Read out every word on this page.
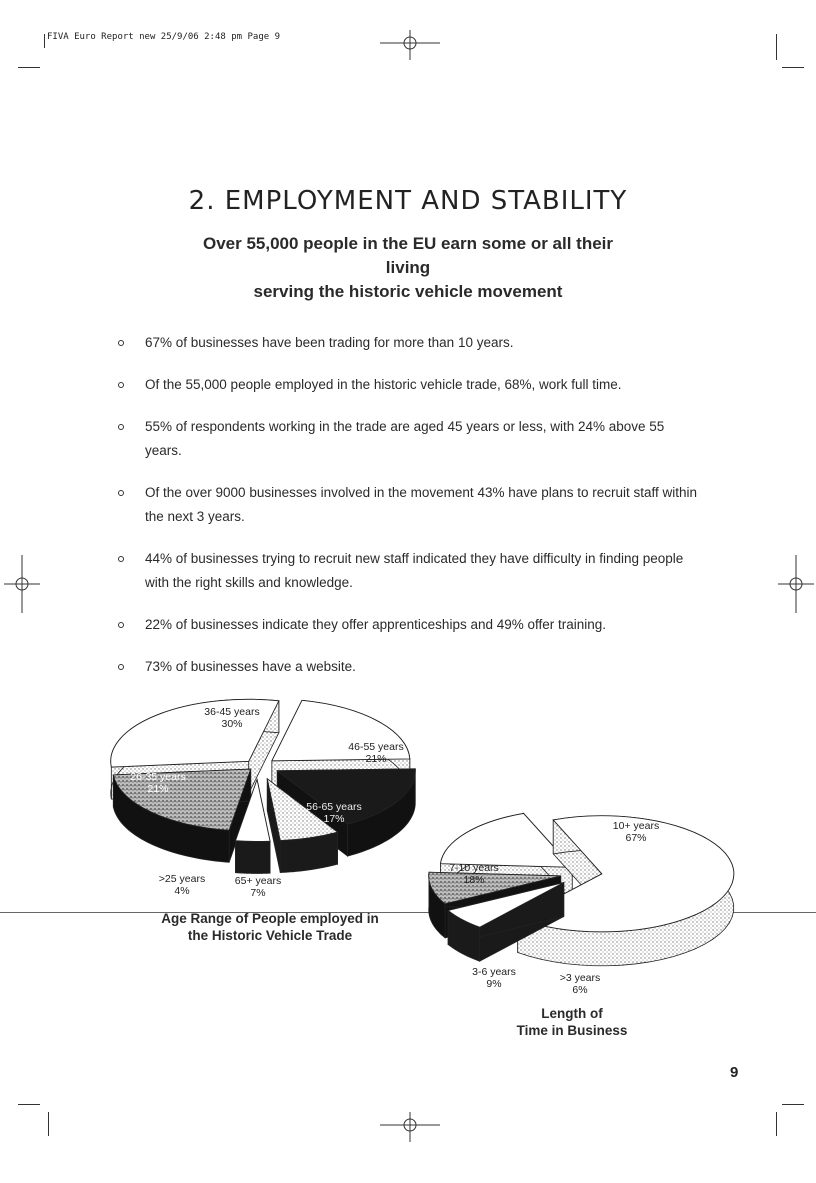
FIVA Euro Report new 25/9/06 2:48 pm Page 9
2. EMPLOYMENT AND STABILITY
Over 55,000 people in the EU earn some or all their living
serving the historic vehicle movement
67% of businesses have been trading for more than 10 years.
Of the 55,000 people employed in the historic vehicle trade, 68%, work full time.
55% of respondents working in the trade are aged 45 years or less, with 24% above 55 years.
Of the over 9000 businesses involved in the movement 43% have plans to recruit staff within the next 3 years.
44% of businesses trying to recruit new staff indicated they have difficulty in finding people with the right skills and knowledge.
22% of businesses indicate they offer apprenticeships and 49% offer training.
73% of businesses have a website.
36-45 years
30%
46-55 years
21%
56-65 years
17%
65+ years
7%
>25 years
4%
26-35 years
21%
Age Range of People employed in
the Historic Vehicle Trade
10+ years
67%
>3 years
6%
3-6 years
9%
7-10 years
18%
Length of
Time in Business
9
